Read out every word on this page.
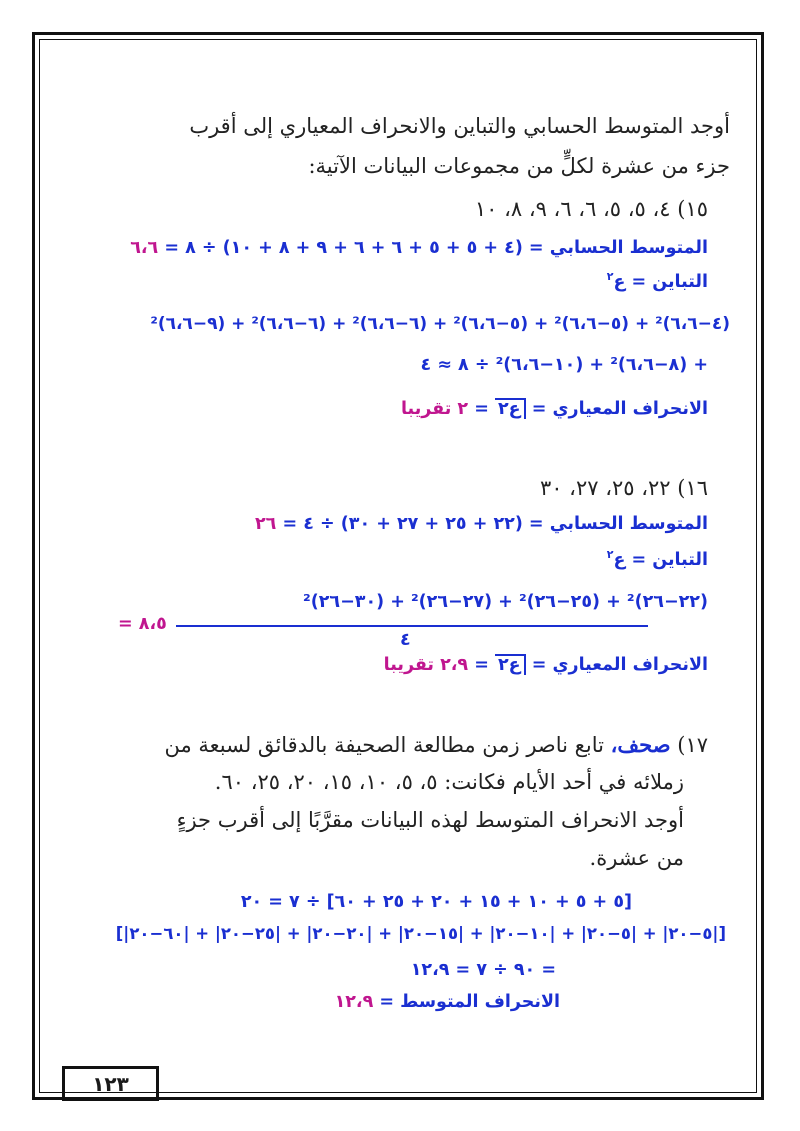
أوجد المتوسط الحسابي والتباين والانحراف المعياري إلى أقرب
جزء من عشرة لكلٍّ من مجموعات البيانات الآتية:
١٥) ٤، ٥، ٥، ٦، ٦، ٩، ٨، ١٠
المتوسط الحسابي = (٤ + ٥ + ٥ + ٦ + ٦ + ٩ + ٨ + ١٠) ÷ ٨ = ٦،٦
التباين = ع$^٢$
(٤−٦،٦)² + (٥−٦،٦)² + (٥−٦،٦)² + (٦−٦،٦)² + (٦−٦،٦)² + (٩−٦،٦)²
+ (٨−٦،٦)² + (١٠−٦،٦)² ÷ ٨ ≈ ٤
الانحراف المعياري = ع٢ = ٢ تقريبا
١٦) ٢٢، ٢٥، ٢٧، ٣٠
المتوسط الحسابي = (٢٢ + ٢٥ + ٢٧ + ٣٠) ÷ ٤ = ٢٦
التباين = ع$^٢$
(٢٢−٢٦)² + (٢٥−٢٦)² + (٢٧−٢٦)² + (٣٠−٢٦)²
٤
= ٨،٥
الانحراف المعياري = ع٢ = ٢،٩ تقريبا
١٧) صحف، تابع ناصر زمن مطالعة الصحيفة بالدقائق لسبعة من
زملائه في أحد الأيام فكانت: ٥، ٥، ١٠، ١٥، ٢٠، ٢٥، ٦٠.
أوجد الانحراف المتوسط لهذه البيانات مقرَّبًا إلى أقرب جزءٍ
من عشرة.
[٥ + ٥ + ١٠ + ١٥ + ٢٠ + ٢٥ + ٦٠] ÷ ٧ = ٢٠
[|٥−٢٠| + |٥−٢٠| + |١٠−٢٠| + |١٥−٢٠| + |٢٠−٢٠| + |٢٥−٢٠| + |٦٠−٢٠|]
= ٩٠ ÷ ٧ = ١٢،٩
الانحراف المتوسط = ١٢،٩
١٢٣
